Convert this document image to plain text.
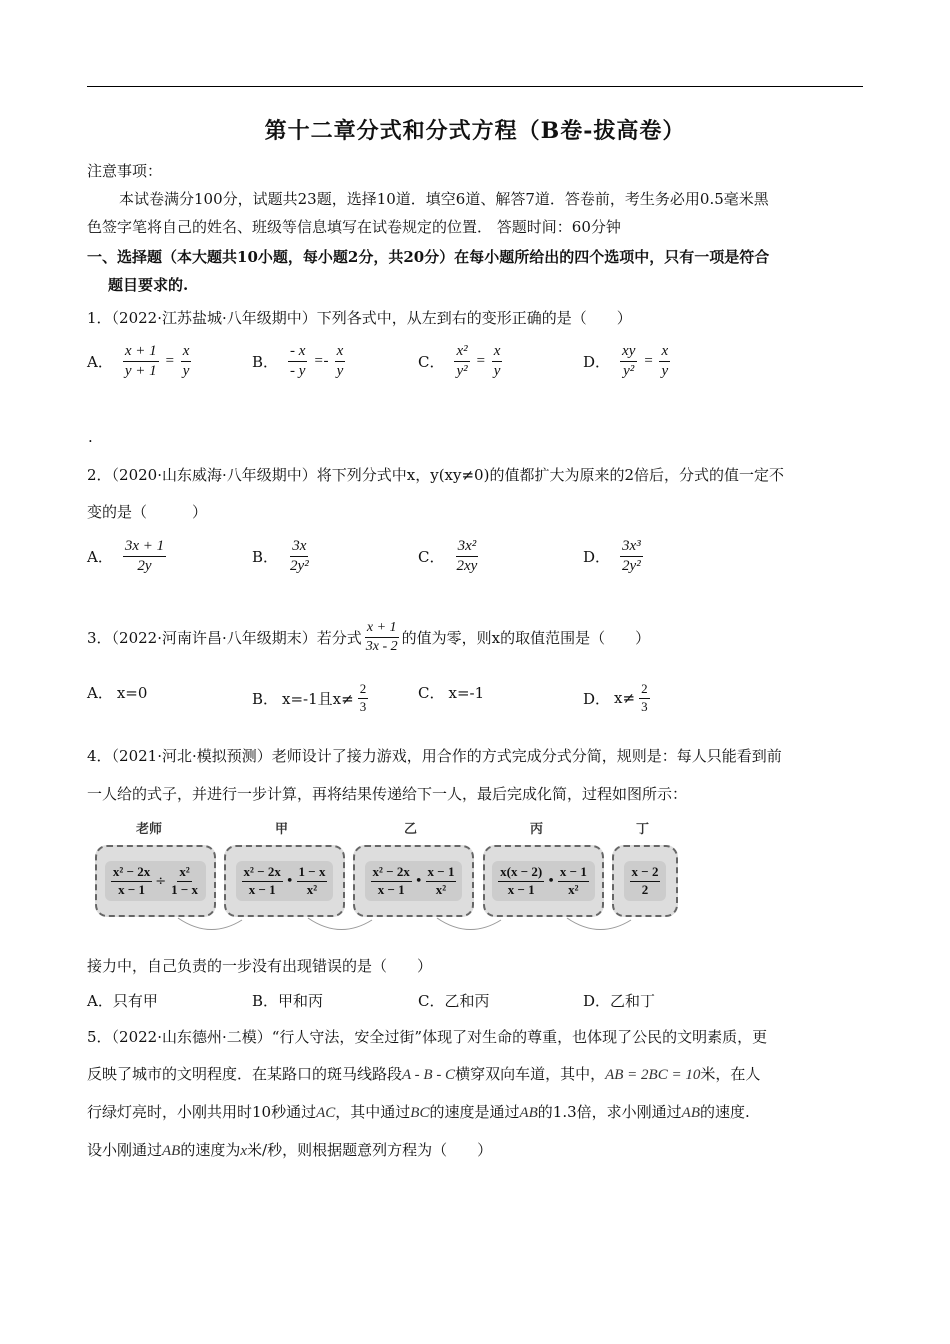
第十二章分式和分式方程（B卷-拔高卷）
注意事项：
本试卷满分100分，试题共23题，选择10道．填空6道、解答7道．答卷前，考生务必用0.5毫米黑
色签字笔将自己的姓名、班级等信息填写在试卷规定的位置． 答题时间：60分钟
一、选择题（本大题共10小题，每小题2分，共20分）在每小题所给出的四个选项中，只有一项是符合
题目要求的.
1．（2022·江苏盐城·八年级期中）下列各式中，从左到右的变形正确的是（　　）
A． $\frac{x + 1}{y + 1} = \frac{x}{y}$	B． $\frac{- x}{- y} =- \frac{x}{y}$	C． $\frac{\text{x²}}{\text{y²}} = \frac{x}{y}$	D． $\frac{xy}{\text{y²}} = \frac{x}{y}$
.
2．（2020·山东威海·八年级期中）将下列分式中x，y(xy≠0)的值都扩大为原来的2倍后，分式的值一定不
变的是（　　　）
A． $\frac{3x + 1}{2y}$	B． $\frac{3x}{\text{2y²}}$	C． $\frac{\text{3x²}}{2xy}$	D． $\frac{\text{3x³}}{\text{2y²}}$
3．（2022·河南许昌·八年级期末）若分式 $\frac{x + 1}{3x - 2}$ 的值为零，则x的取值范围是（　　）
A． x=0	B． x=-1且$x\ne \frac{2}{3}$	C． x=-1	D． $x\ne \frac{2}{3}$
4．（2021·河北·模拟预测）老师设计了接力游戏，用合作的方式完成分式分简，规则是：每人只能看到前
一人给的式子，并进行一步计算，再将结果传递给下一人，最后完成化简，过程如图所示：
老师	甲	乙	丙	丁
$\frac{\text{x² − 2x}}{x - 1} \div \frac{\text{x²}}{1 - x}$	$\frac{\text{x² − 2x}}{x - 1}$ • $\frac{1 - x}{\text{x²}}$	$\frac{\text{x² − 2x}}{x - 1}$ • $\frac{x - 1}{\text{x²}}$	$\frac{x(x - 2)}{x - 1}$ • $\frac{x - 1}{\text{x²}}$	$\frac{x - 2}{2}$
接力中，自己负责的一步没有出现错误的是（　　）
A．只有甲	B．甲和丙	C．乙和丙	D．乙和丁
5．（2022·山东德州·二模）“行人守法，安全过街”体现了对生命的尊重，也体现了公民的文明素质，更
反映了城市的文明程度．在某路口的斑马线路段A - B - C横穿双向车道，其中，AB = 2BC = 10米，在人
行绿灯亮时，小刚共用时10秒通过AC，其中通过BC的速度是通过AB的1.3倍，求小刚通过AB的速度.
设小刚通过AB的速度为x米/秒，则根据题意列方程为（　　）
